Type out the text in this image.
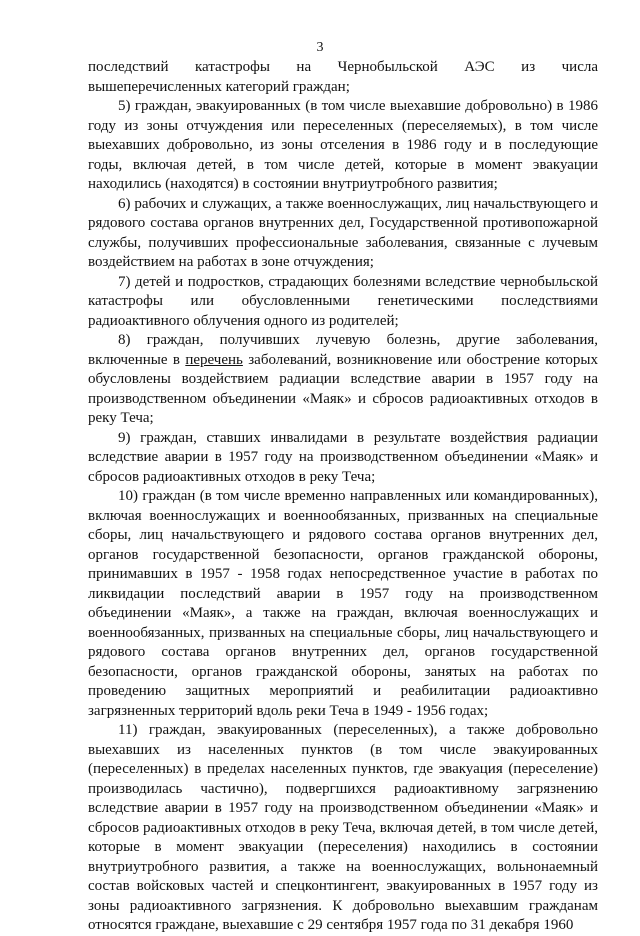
3

последствий катастрофы на Чернобыльской АЭС из числа вышеперечисленных категорий граждан;

5) граждан, эвакуированных (в том числе выехавшие добровольно) в 1986 году из зоны отчуждения или переселенных (переселяемых), в том числе выехавших добровольно, из зоны отселения в 1986 году и в последующие годы, включая детей, в том числе детей, которые в момент эвакуации находились (находятся) в состоянии внутриутробного развития;

6) рабочих и служащих, а также военнослужащих, лиц начальствующего и рядового состава органов внутренних дел, Государственной противопожарной службы, получивших профессиональные заболевания, связанные с лучевым воздействием на работах в зоне отчуждения;

7) детей и подростков, страдающих болезнями вследствие чернобыльской катастрофы или обусловленными генетическими последствиями радиоактивного облучения одного из родителей;

8) граждан, получивших лучевую болезнь, другие заболевания, включенные в перечень заболеваний, возникновение или обострение которых обусловлены воздействием радиации вследствие аварии в 1957 году на производственном объединении «Маяк» и сбросов радиоактивных отходов в реку Теча;

9) граждан, ставших инвалидами в результате воздействия радиации вследствие аварии в 1957 году на производственном объединении «Маяк» и сбросов радиоактивных отходов в реку Теча;

10) граждан (в том числе временно направленных или командированных), включая военнослужащих и военнообязанных, призванных на специальные сборы, лиц начальствующего и рядового состава органов внутренних дел, органов государственной безопасности, органов гражданской обороны, принимавших в 1957 - 1958 годах непосредственное участие в работах по ликвидации последствий аварии в 1957 году на производственном объединении «Маяк», а также на граждан, включая военнослужащих и военнообязанных, призванных на специальные сборы, лиц начальствующего и рядового состава органов внутренних дел, органов государственной безопасности, органов гражданской обороны, занятых на работах по проведению защитных мероприятий и реабилитации радиоактивно загрязненных территорий вдоль реки Теча в 1949 - 1956 годах;

11) граждан, эвакуированных (переселенных), а также добровольно выехавших из населенных пунктов (в том числе эвакуированных (переселенных) в пределах населенных пунктов, где эвакуация (переселение) производилась частично), подвергшихся радиоактивному загрязнению вследствие аварии в 1957 году на производственном объединении «Маяк» и сбросов радиоактивных отходов в реку Теча, включая детей, в том числе детей, которые в момент эвакуации (переселения) находились в состоянии внутриутробного развития, а также на военнослужащих, вольнонаемный состав войсковых частей и спецконтингент, эвакуированных в 1957 году из зоны радиоактивного загрязнения. К добровольно выехавшим гражданам относятся граждане, выехавшие с 29 сентября 1957 года по 31 декабря 1960
